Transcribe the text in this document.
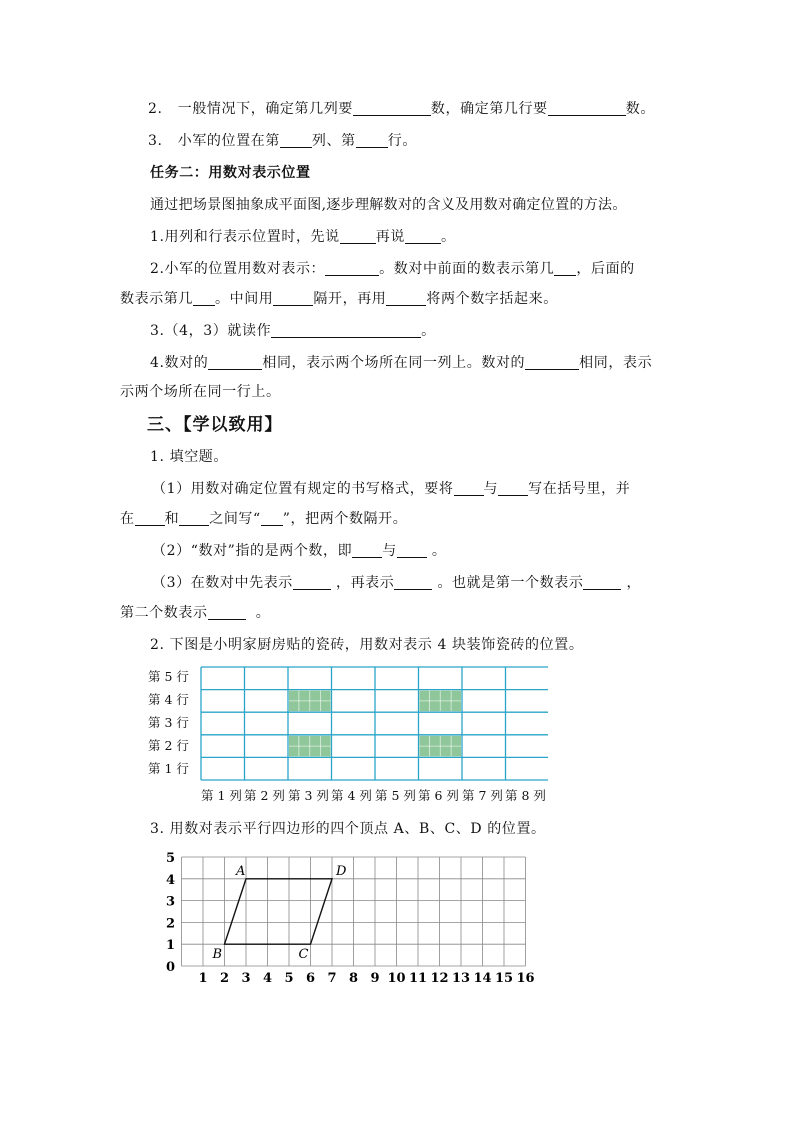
2. 一般情况下，确定第几列要	数，确定第几行要	数。
3. 小军的位置在第 列、第 行。
任务二：用数对表示位置
通过把场景图抽象成平面图,逐步理解数对的含义及用数对确定位置的方法。
1.用列和行表示位置时，先说	再说	。
2.小军的位置用数对表示：	。数对中前面的数表示第几 ，后面的
数表示第几 。中间用	隔开，再用	将两个数字括起来。
3.（4，3）就读作	。
4.数对的	相同，表示两个场所在同一列上。数对的	相同，表示
示两个场所在同一行上。
三、【学以致用】
1. 填空题。
（1）用数对确定位置有规定的书写格式，要将 与 写在括号里，并
在 和 之间写“ ”，把两个数隔开。
（2）“数对”指的是两个数，即 与	。
（3）在数对中先表示	，再表示	。也就是第一个数表示	，
第二个数表示	。
2. 下图是小明家厨房贴的瓷砖，用数对表示 4 块装饰瓷砖的位置。
第 5 行
第 4 行
第 3 行
第 2 行
第 1 行
第 1 列 第 2 列 第 3 列 第 4 列 第 5 列 第 6 列 第 7 列 第 8 列
3. 用数对表示平行四边形的四个顶点 A、B、C、D 的位置。
0
1
2
3
4
5
1 2 3 4 5 6 7 8 9 10 11 12 13 14 15 16
A	D
C
B
